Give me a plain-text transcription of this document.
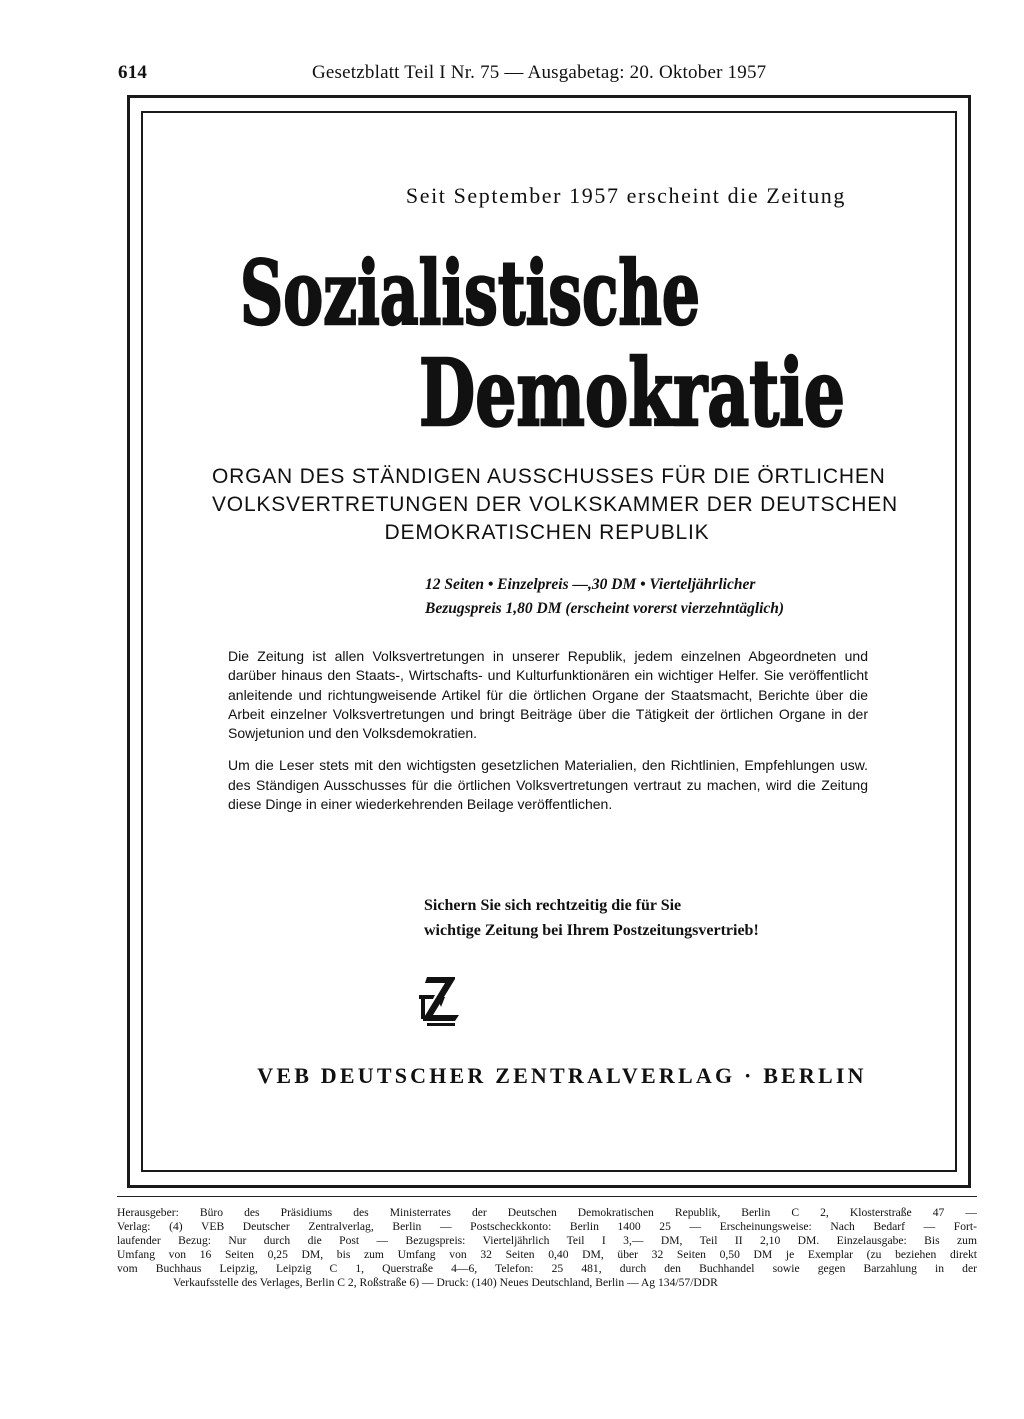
614	Gesetzblatt Teil I Nr. 75 — Ausgabetag: 20. Oktober 1957
Seit September 1957 erscheint die Zeitung
Sozialistische
Demokratie
ORGAN DES STÄNDIGEN AUSSCHUSSES FÜR DIE ÖRTLICHEN
VOLKSVERTRETUNGEN DER VOLKSKAMMER DER DEUTSCHEN
DEMOKRATISCHEN REPUBLIK
12 Seiten • Einzelpreis —,30 DM • Vierteljährlicher
Bezugspreis 1,80 DM (erscheint vorerst vierzehntäglich)

Die Zeitung ist allen Volksvertretungen in unserer Republik, jedem einzelnen Abgeordneten und darüber hinaus den Staats-, Wirtschafts- und Kulturfunktionären ein wichtiger Helfer. Sie veröffentlicht anleitende und richtungweisende Artikel für die örtlichen Organe der Staatsmacht, Berichte über die Arbeit einzelner Volksvertretungen und bringt Beiträge über die Tätigkeit der örtlichen Organe in der Sowjetunion und den Volksdemokratien.

Um die Leser stets mit den wichtigsten gesetzlichen Materialien, den Richtlinien, Empfehlungen usw. des Ständigen Ausschusses für die örtlichen Volksvertretungen vertraut zu machen, wird die Zeitung diese Dinge in einer wiederkehrenden Beilage veröffentlichen.

Sichern Sie sich rechtzeitig die für Sie
wichtige Zeitung bei Ihrem Postzeitungsvertrieb!
VEB DEUTSCHER ZENTRALVERLAG · BERLIN
Herausgeber: Büro des Präsidiums des Ministerrates der Deutschen Demokratischen Republik, Berlin C 2, Klosterstraße 47 —
Verlag: (4) VEB Deutscher Zentralverlag, Berlin — Postscheckkonto: Berlin 1400 25 — Erscheinungsweise: Nach Bedarf — Fort-
laufender Bezug: Nur durch die Post — Bezugspreis: Vierteljährlich Teil I 3,— DM, Teil II 2,10 DM. Einzelausgabe: Bis zum
Umfang von 16 Seiten 0,25 DM, bis zum Umfang von 32 Seiten 0,40 DM, über 32 Seiten 0,50 DM je Exemplar (zu beziehen direkt
vom Buchhaus Leipzig, Leipzig C 1, Querstraße 4—6, Telefon: 25 481, durch den Buchhandel sowie gegen Barzahlung in der
Verkaufsstelle des Verlages, Berlin C 2, Roßstraße 6) — Druck: (140) Neues Deutschland, Berlin — Ag 134/57/DDR
